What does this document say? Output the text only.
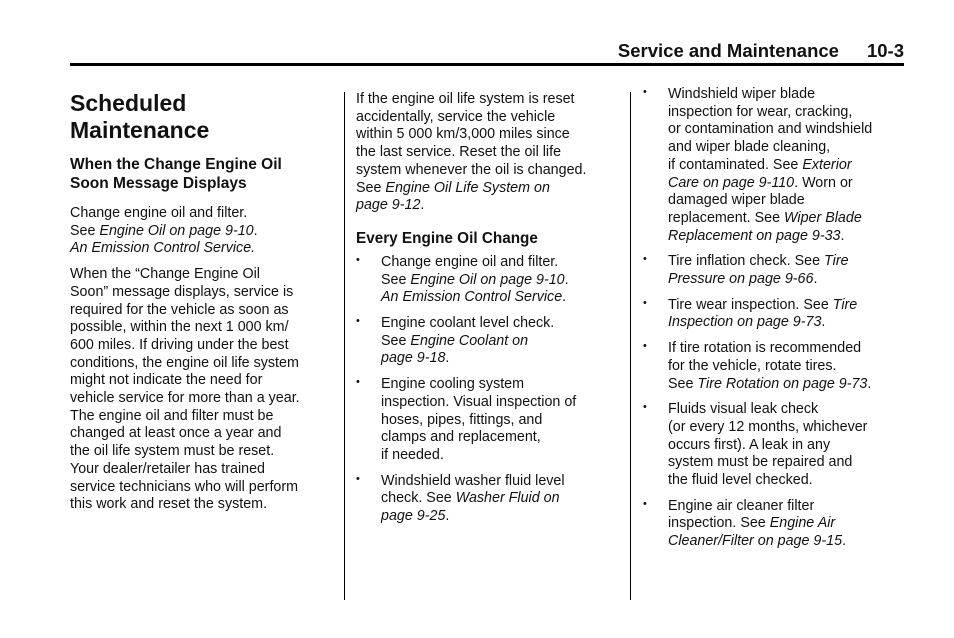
Service and Maintenance 10-3
Scheduled
Maintenance
When the Change Engine Oil
Soon Message Displays

Change engine oil and filter.
See Engine Oil on page 9-10.
An Emission Control Service.

When the “Change Engine Oil
Soon” message displays, service is
required for the vehicle as soon as
possible, within the next 1 000 km/
600 miles. If driving under the best
conditions, the engine oil life system
might not indicate the need for
vehicle service for more than a year.
The engine oil and filter must be
changed at least once a year and
the oil life system must be reset.
Your dealer/retailer has trained
service technicians who will perform
this work and reset the system.

If the engine oil life system is reset
accidentally, service the vehicle
within 5 000 km/3,000 miles since
the last service. Reset the oil life
system whenever the oil is changed.
See Engine Oil Life System on
page 9-12.

Every Engine Oil Change
• Change engine oil and filter.
See Engine Oil on page 9-10.
An Emission Control Service.
• Engine coolant level check.
See Engine Coolant on
page 9-18.
• Engine cooling system
inspection. Visual inspection of
hoses, pipes, fittings, and
clamps and replacement,
if needed.
• Windshield washer fluid level
check. See Washer Fluid on
page 9-25.
• Windshield wiper blade
inspection for wear, cracking,
or contamination and windshield
and wiper blade cleaning,
if contaminated. See Exterior
Care on page 9-110. Worn or
damaged wiper blade
replacement. See Wiper Blade
Replacement on page 9-33.
• Tire inflation check. See Tire
Pressure on page 9-66.
• Tire wear inspection. See Tire
Inspection on page 9-73.
• If tire rotation is recommended
for the vehicle, rotate tires.
See Tire Rotation on page 9-73.
• Fluids visual leak check
(or every 12 months, whichever
occurs first). A leak in any
system must be repaired and
the fluid level checked.
• Engine air cleaner filter
inspection. See Engine Air
Cleaner/Filter on page 9-15.
